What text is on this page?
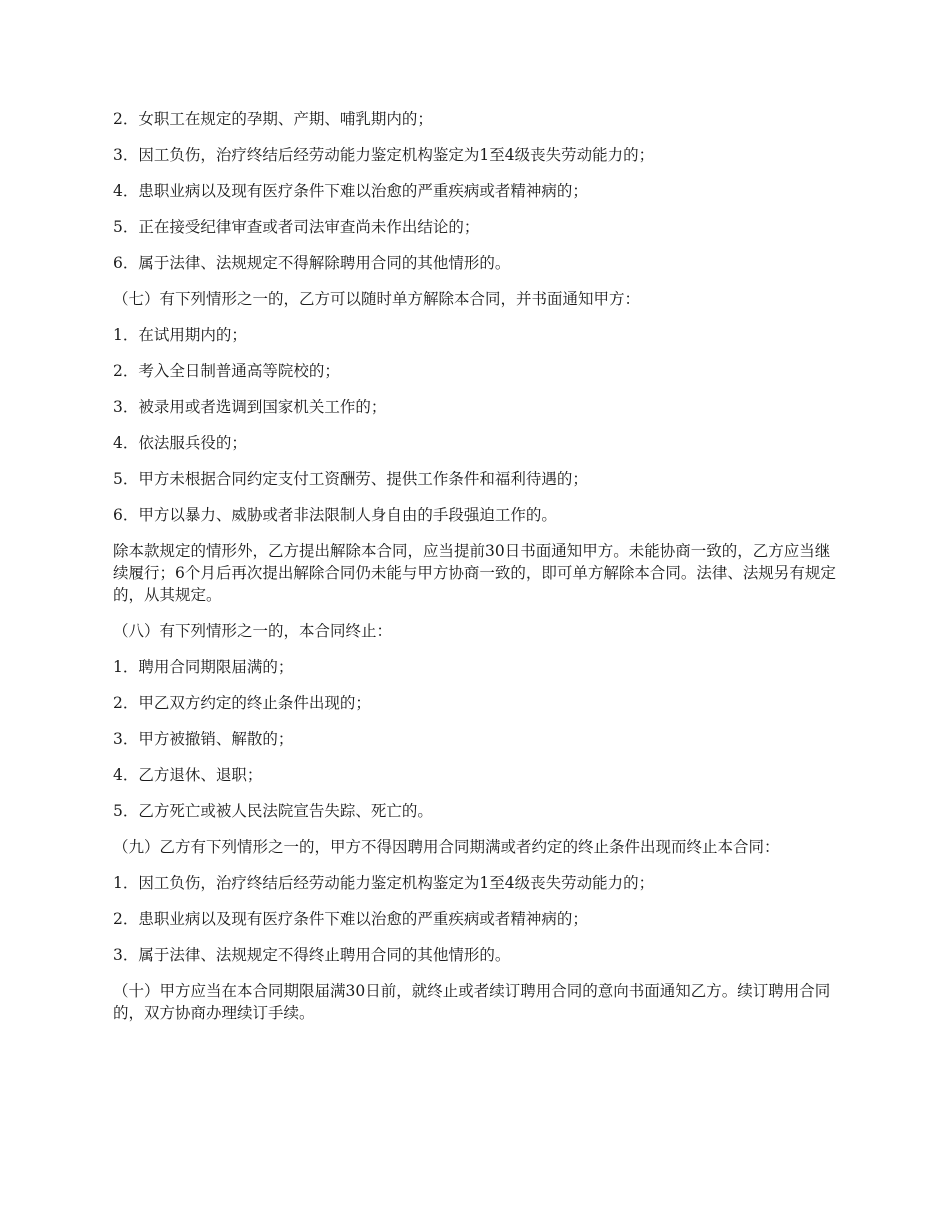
2．女职工在规定的孕期、产期、哺乳期内的；

3．因工负伤，治疗终结后经劳动能力鉴定机构鉴定为1至4级丧失劳动能力的；

4．患职业病以及现有医疗条件下难以治愈的严重疾病或者精神病的；

5．正在接受纪律审查或者司法审查尚未作出结论的；

6．属于法律、法规规定不得解除聘用合同的其他情形的。

（七）有下列情形之一的，乙方可以随时单方解除本合同，并书面通知甲方：

1．在试用期内的；

2．考入全日制普通高等院校的；

3．被录用或者选调到国家机关工作的；

4．依法服兵役的；

5．甲方未根据合同约定支付工资酬劳、提供工作条件和福利待遇的；

6．甲方以暴力、威胁或者非法限制人身自由的手段强迫工作的。

除本款规定的情形外，乙方提出解除本合同，应当提前30日书面通知甲方。未能协商一致的，乙方应当继续履行；6个月后再次提出解除合同仍未能与甲方协商一致的，即可单方解除本合同。法律、法规另有规定的，从其规定。

（八）有下列情形之一的，本合同终止：

1．聘用合同期限届满的；

2．甲乙双方约定的终止条件出现的；

3．甲方被撤销、解散的；

4．乙方退休、退职；

5．乙方死亡或被人民法院宣告失踪、死亡的。

（九）乙方有下列情形之一的，甲方不得因聘用合同期满或者约定的终止条件出现而终止本合同：

1．因工负伤，治疗终结后经劳动能力鉴定机构鉴定为1至4级丧失劳动能力的；

2．患职业病以及现有医疗条件下难以治愈的严重疾病或者精神病的；

3．属于法律、法规规定不得终止聘用合同的其他情形的。

（十）甲方应当在本合同期限届满30日前，就终止或者续订聘用合同的意向书面通知乙方。续订聘用合同的，双方协商办理续订手续。
